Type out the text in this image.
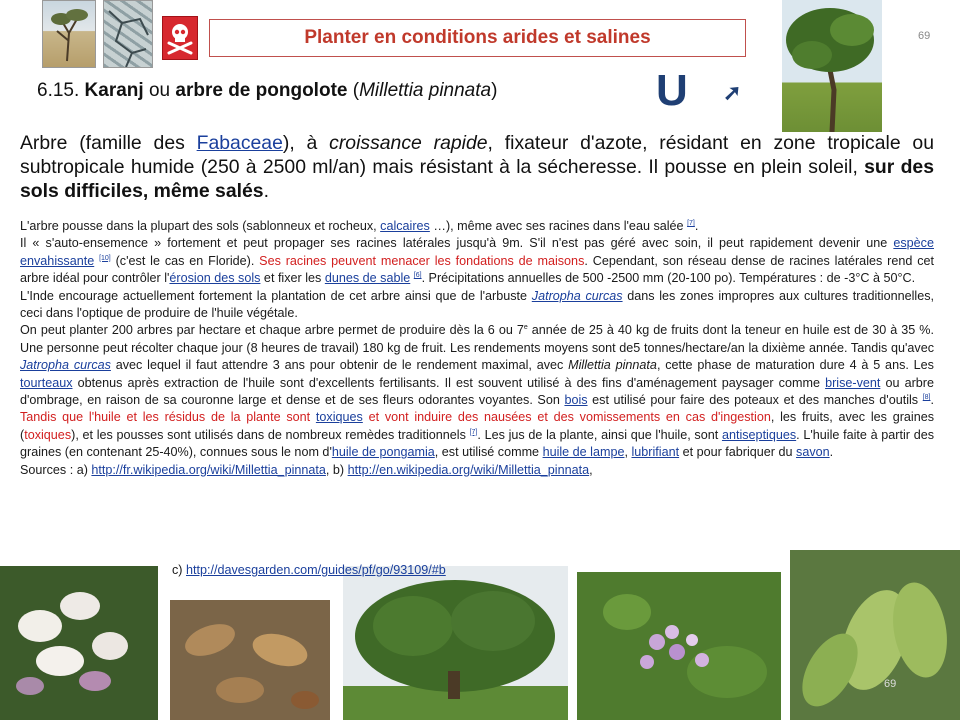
Planter en conditions arides et salines	69
6.15. Karanj ou arbre de pongolote (Millettia pinnata)	U ➚
Arbre (famille des Fabaceae), à croissance rapide, fixateur d'azote, résidant en zone tropicale ou subtropicale humide (250 à 2500 ml/an) mais résistant à la sécheresse. Il pousse en plein soleil, sur des sols difficiles, même salés.

L'arbre pousse dans la plupart des sols (sablonneux et rocheux, calcaires …), même avec ses racines dans l'eau salée [7].

Il « s'auto-ensemence » fortement et peut propager ses racines latérales jusqu'à 9m. S'il n'est pas géré avec soin, il peut rapidement devenir une espèce envahissante [10] (c'est le cas en Floride). Ses racines peuvent menacer les fondations de maisons. Cependant, son réseau dense de racines latérales rend cet arbre idéal pour contrôler l'érosion des sols et fixer les dunes de sable [6]. Précipitations annuelles de 500 -2500 mm (20-100 po). Températures : de -3°C à 50°C.

L'Inde encourage actuellement fortement la plantation de cet arbre ainsi que de l'arbuste Jatropha curcas dans les zones impropres aux cultures traditionnelles, ceci dans l'optique de produire de l'huile végétale.

On peut planter 200 arbres par hectare et chaque arbre permet de produire dès la 6 ou 7e année de 25 à 40 kg de fruits dont la teneur en huile est de 30 à 35 %. Une personne peut récolter chaque jour (8 heures de travail) 180 kg de fruit. Les rendements moyens sont de5 tonnes/hectare/an la dixième année. Tandis qu'avec Jatropha curcas avec lequel il faut attendre 3 ans pour obtenir de le rendement maximal, avec Millettia pinnata, cette phase de maturation dure 4 à 5 ans. Les tourteaux obtenus après extraction de l'huile sont d'excellents fertilisants. Il est souvent utilisé à des fins d'aménagement paysager comme brise-vent ou arbre d'ombrage, en raison de sa couronne large et dense et de ses fleurs odorantes voyantes. Son bois est utilisé pour faire des poteaux et des manches d'outils [8]. Tandis que l'huile et les résidus de la plante sont toxiques et vont induire des nausées et des vomissements en cas d'ingestion, les fruits, avec les graines (toxiques), et les pousses sont utilisés dans de nombreux remèdes traditionnels [7]. Les jus de la plante, ainsi que l'huile, sont antiseptiques. L'huile faite à partir des graines (en contenant 25-40%), connues sous le nom d'huile de pongamia, est utilisé comme huile de lampe, lubrifiant et pour fabriquer du savon.

Sources : a) http://fr.wikipedia.org/wiki/Millettia_pinnata, b) http://en.wikipedia.org/wiki/Millettia_pinnata,

c) http://davesgarden.com/guides/pf/go/93109/#b
69
